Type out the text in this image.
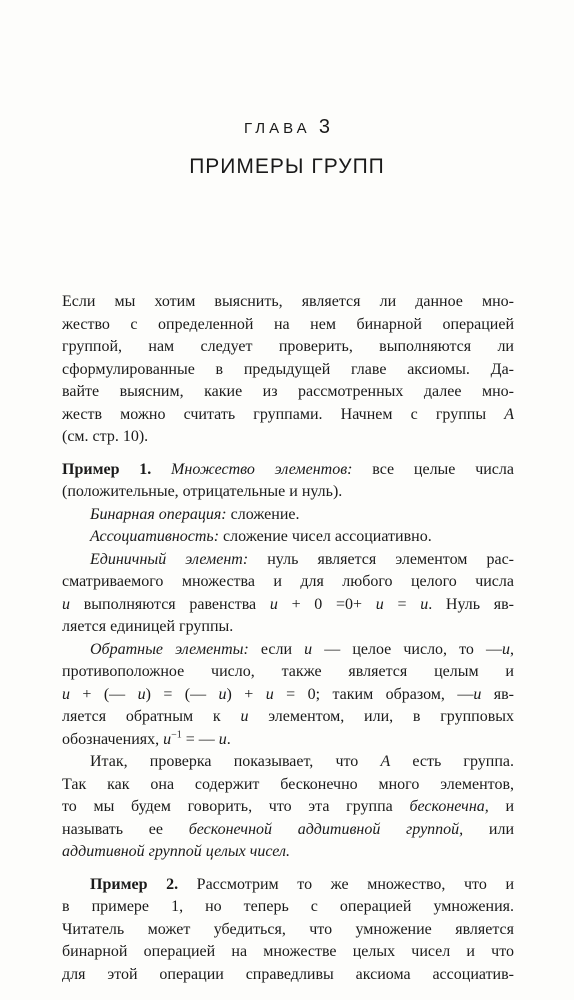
ГЛАВА 3
ПРИМЕРЫ ГРУПП
Если мы хотим выяснить, является ли данное мно-
жество с определенной на нем бинарной операцией
группой, нам следует проверить, выполняются ли
сформулированные в предыдущей главе аксиомы. Да-
вайте выясним, какие из рассмотренных далее мно-
жеств можно считать группами. Начнем с группы A
(см. стр. 10).
Пример 1. Множество элементов: все целые числа
(положительные, отрицательные и нуль).
Бинарная операция: сложение.
Ассоциативность: сложение чисел ассоциативно.
Единичный элемент: нуль является элементом рас-
сматриваемого множества и для любого целого числа
u выполняются равенства u + 0 =0+ u = u. Нуль яв-
ляется единицей группы.
Обратные элементы: если u — целое число, то —u,
противоположное число, также является целым и
u + (— u) = (— u) + u = 0; таким образом, —u яв-
ляется обратным к u элементом, или, в групповых
обозначениях, $u^{-1}$ = — u.
Итак, проверка показывает, что A есть группа.
Так как она содержит бесконечно много элементов,
то мы будем говорить, что эта группа бесконечна, и
называть ее бесконечной аддитивной группой, или
аддитивной группой целых чисел.
Пример 2. Рассмотрим то же множество, что и
в примере 1, но теперь с операцией умножения.
Читатель может убедиться, что умножение является
бинарной операцией на множестве целых чисел и что
для этой операции справедливы аксиома ассоциатив-
